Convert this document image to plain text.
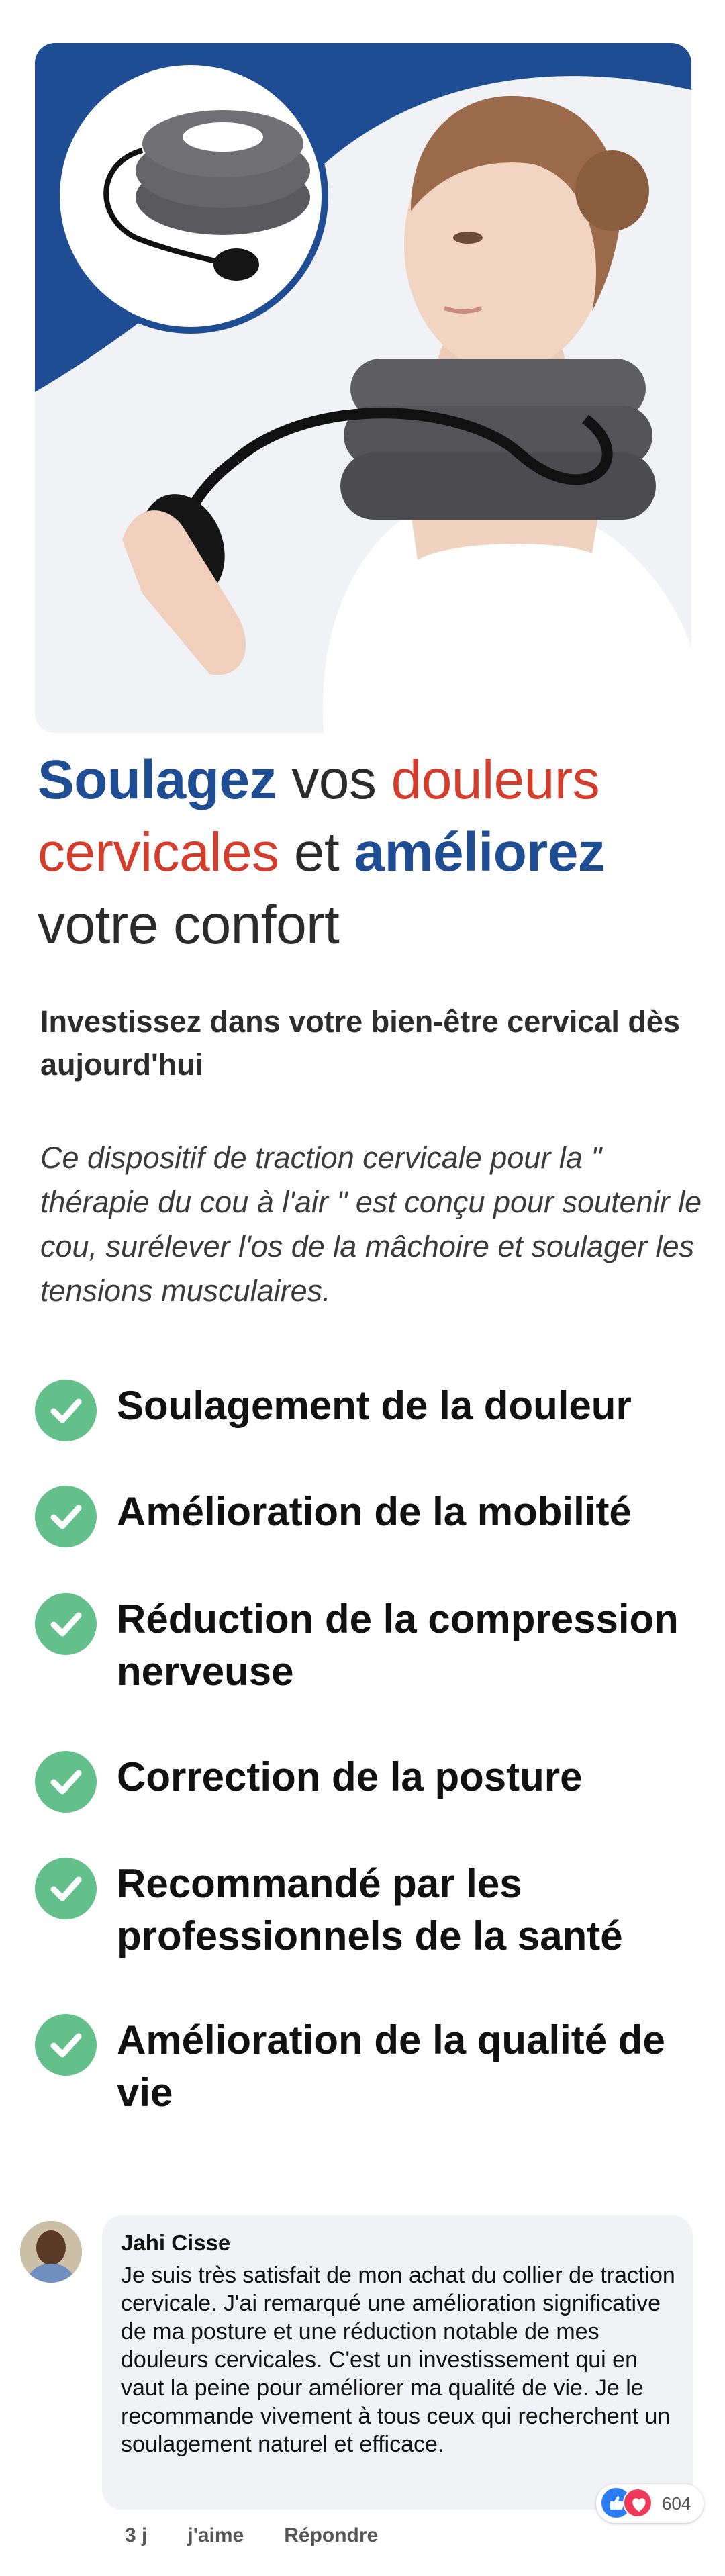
Soulagez vos douleurs cervicales et améliorez votre confort
Investissez dans votre bien-être cervical dès aujourd'hui
Ce dispositif de traction cervicale pour la " thérapie du cou à l'air " est conçu pour soutenir le cou, surélever l'os de la mâchoire et soulager les tensions musculaires.
Soulagement de la douleur
Amélioration de la mobilité
Réduction de la compression nerveuse
Correction de la posture
Recommandé par les professionnels de la santé
Amélioration de la qualité de vie
Jahi Cisse
Je suis très satisfait de mon achat du collier de traction cervicale. J'ai remarqué une amélioration significative de ma posture et une réduction notable de mes douleurs cervicales. C'est un investissement qui en vaut la peine pour améliorer ma qualité de vie. Je le recommande vivement à tous ceux qui recherchent un soulagement naturel et efficace.
604
3 j j'aime Répondre
